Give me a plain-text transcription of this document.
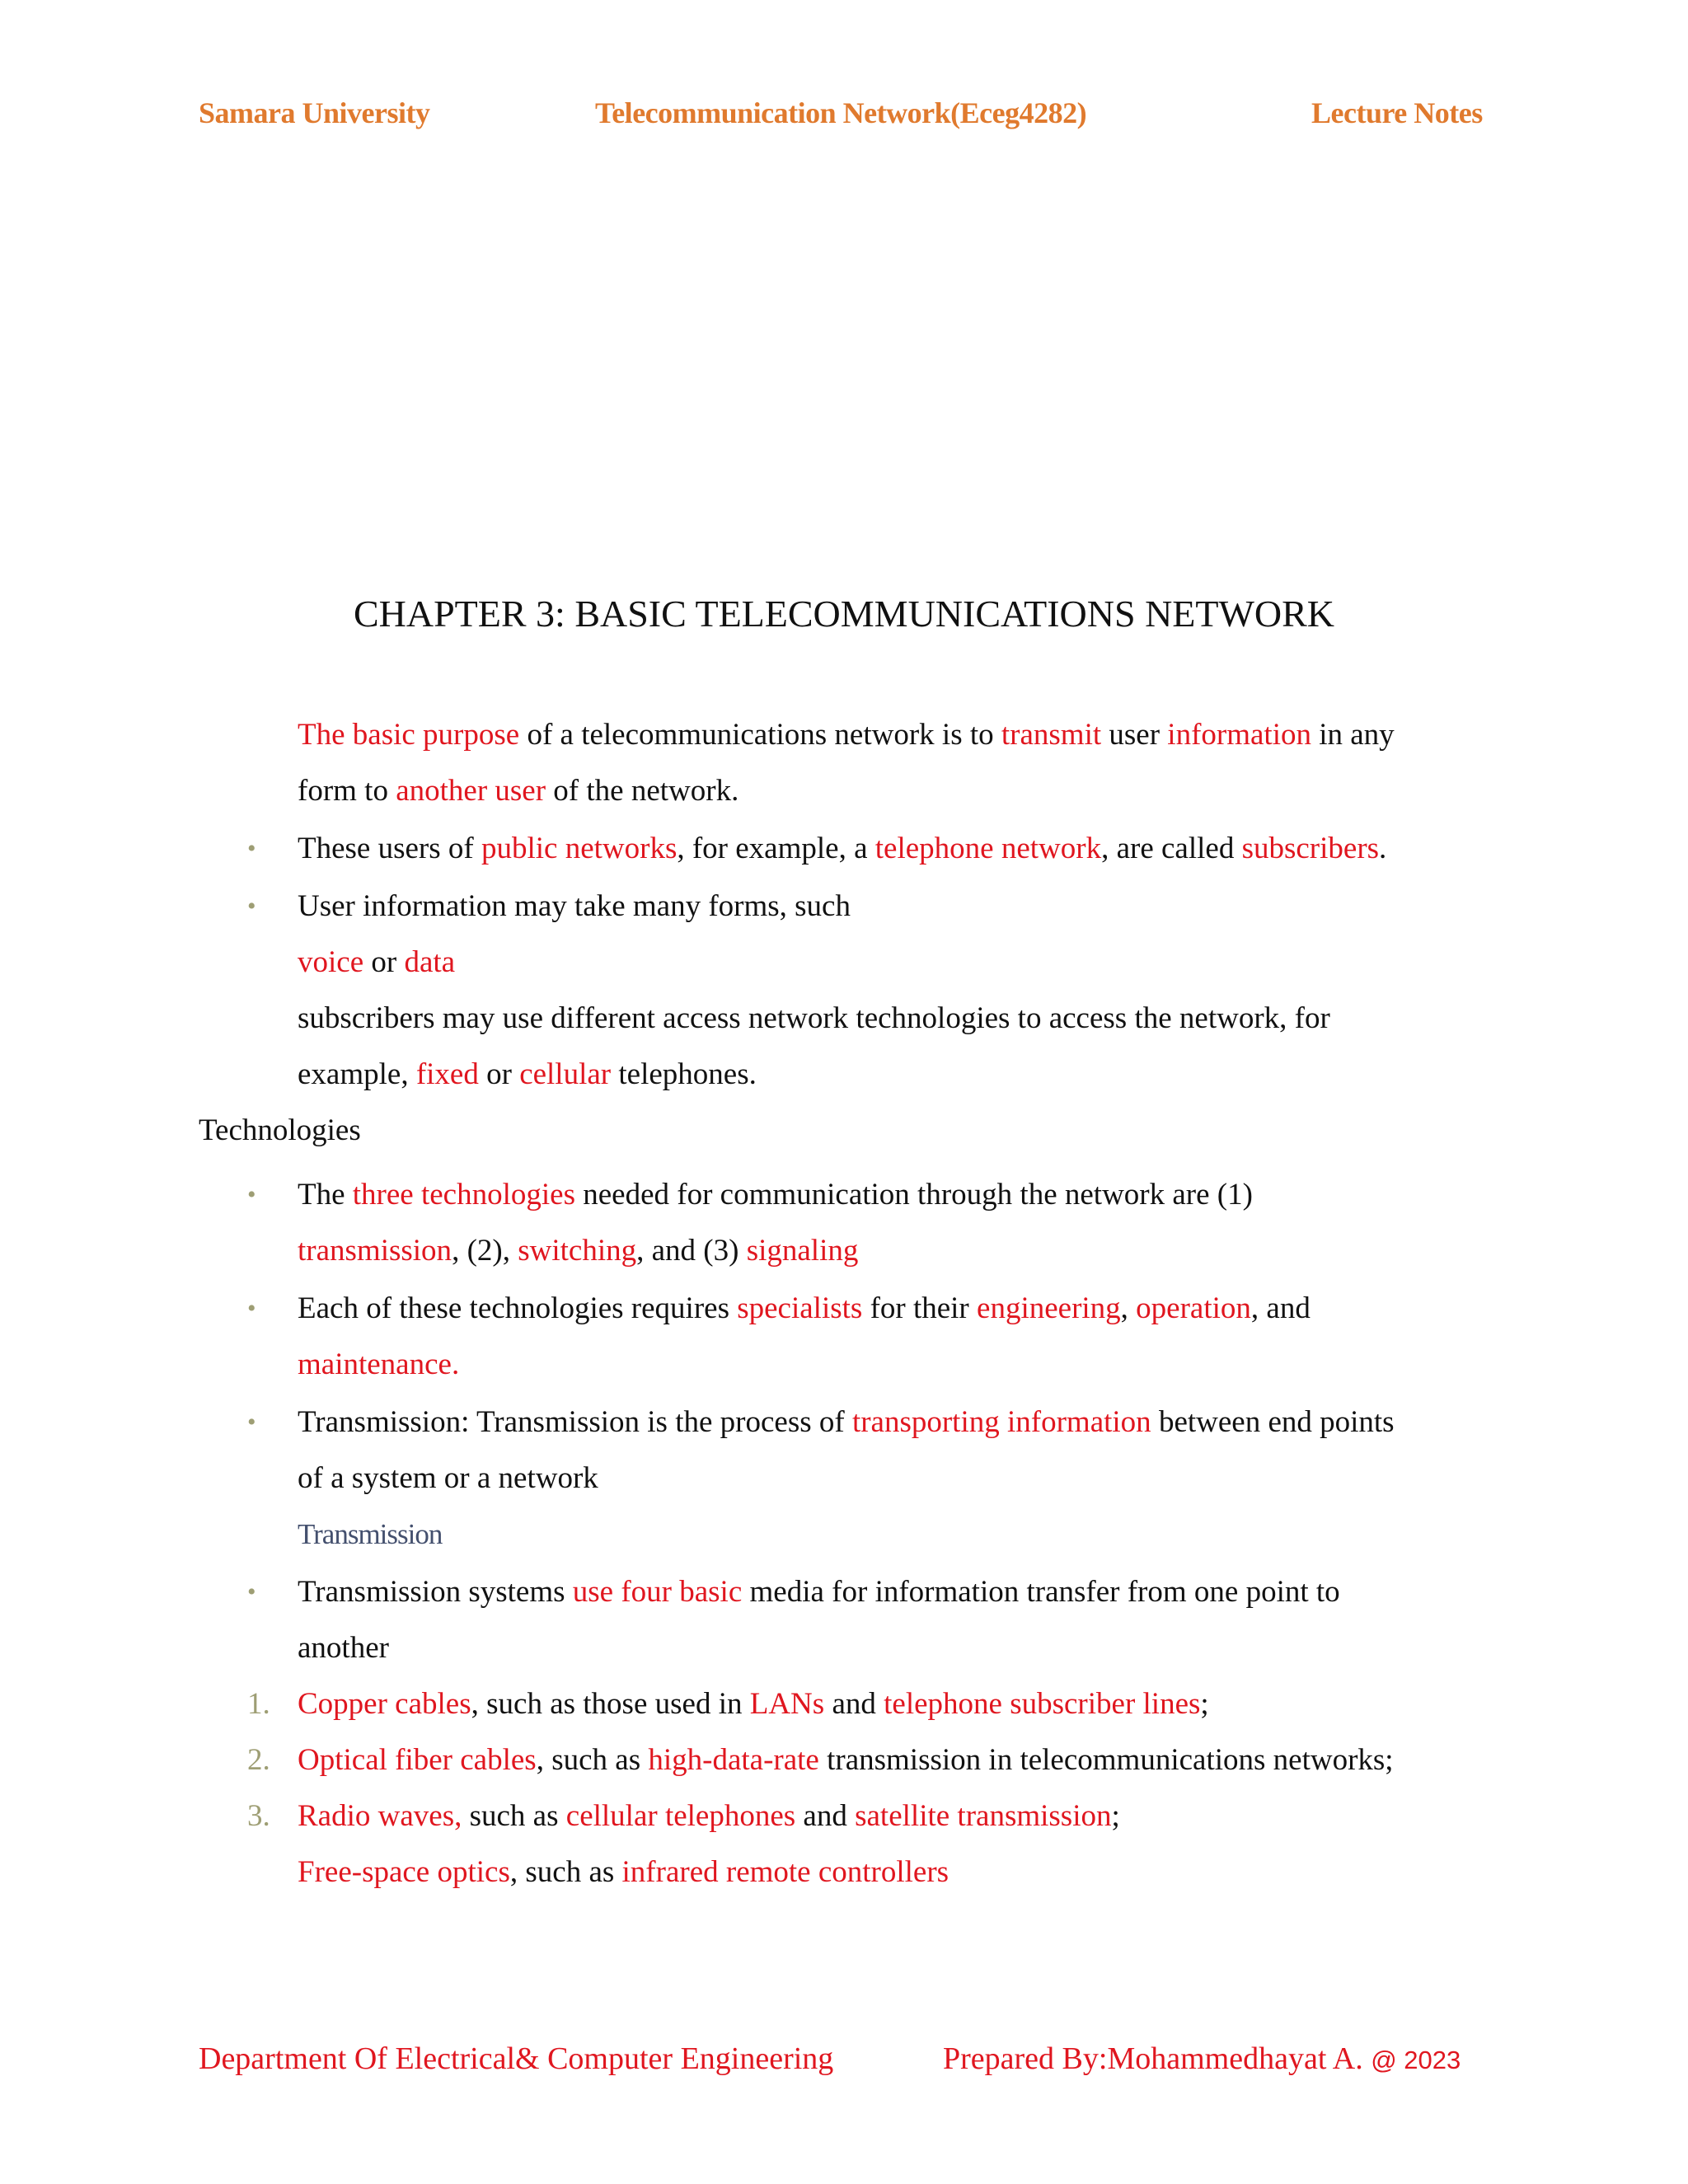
Samara University	Telecommunication Network(Eceg4282)	Lecture Notes
CHAPTER 3: BASIC TELECOMMUNICATIONS NETWORK
The basic purpose of a telecommunications network is to transmit user information in any
form to another user of the network.
• These users of public networks, for example, a telephone network, are called subscribers.
• User information may take many forms, such
voice or data
subscribers may use different access network technologies to access the network, for
example, fixed or cellular telephones.
Technologies
• The three technologies needed for communication through the network are (1)
transmission, (2), switching, and (3) signaling
• Each of these technologies requires specialists for their engineering, operation, and
maintenance.
• Transmission: Transmission is the process of transporting information between end points
of a system or a network
Transmission
• Transmission systems use four basic media for information transfer from one point to
another
1. Copper cables, such as those used in LANs and telephone subscriber lines;
2. Optical fiber cables, such as high-data-rate transmission in telecommunications networks;
3. Radio waves, such as cellular telephones and satellite transmission;
Free-space optics, such as infrared remote controllers
Department Of Electrical& Computer Engineering	Prepared By:Mohammedhayat A. @ 2023
